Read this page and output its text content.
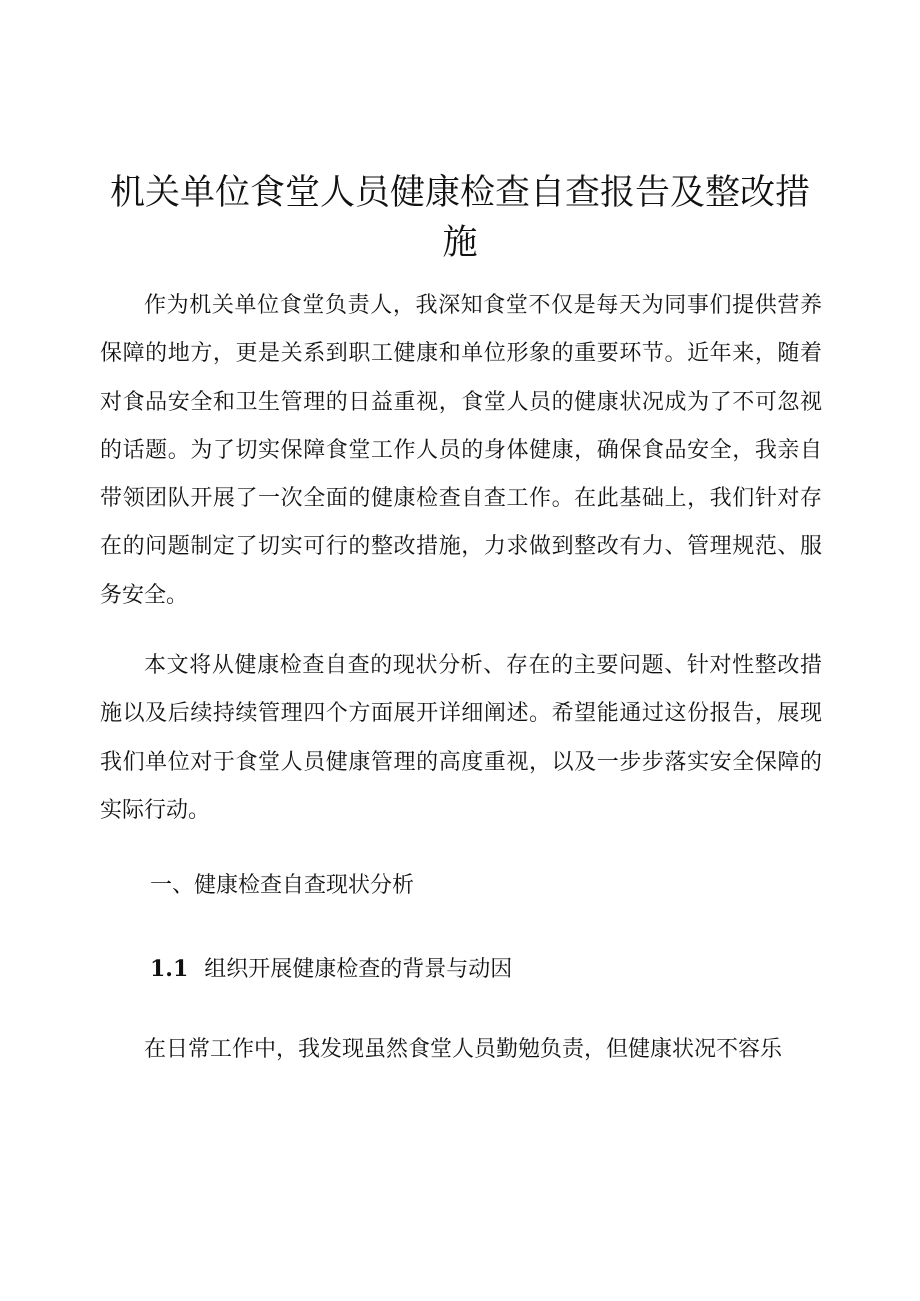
机关单位食堂人员健康检查自查报告及整改措施

作为机关单位食堂负责人，我深知食堂不仅是每天为同事们提供营养保障的地方，更是关系到职工健康和单位形象的重要环节。近年来，随着对食品安全和卫生管理的日益重视，食堂人员的健康状况成为了不可忽视的话题。为了切实保障食堂工作人员的身体健康，确保食品安全，我亲自带领团队开展了一次全面的健康检查自查工作。在此基础上，我们针对存在的问题制定了切实可行的整改措施，力求做到整改有力、管理规范、服务安全。

本文将从健康检查自查的现状分析、存在的主要问题、针对性整改措施以及后续持续管理四个方面展开详细阐述。希望能通过这份报告，展现我们单位对于食堂人员健康管理的高度重视，以及一步步落实安全保障的实际行动。

一、健康检查自查现状分析
1.1 组织开展健康检查的背景与动因

在日常工作中，我发现虽然食堂人员勤勉负责，但健康状况不容乐
